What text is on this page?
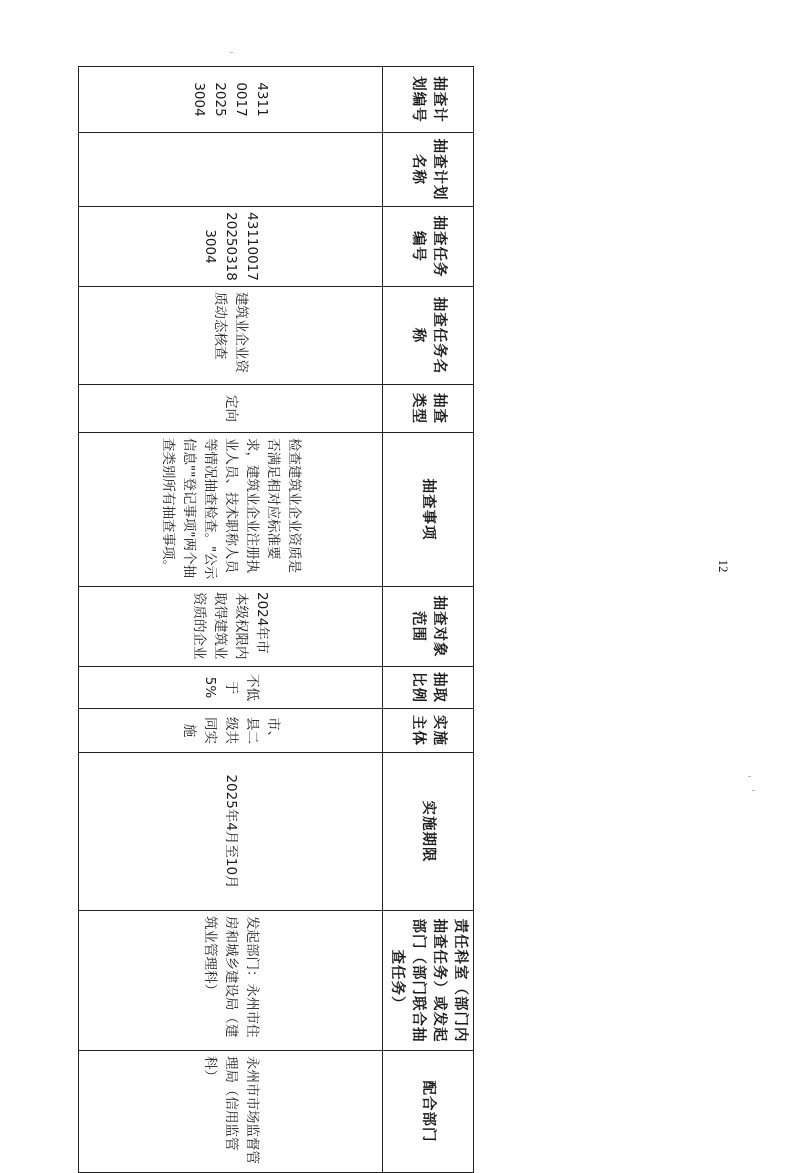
抽查计划编号	抽查计划名称	抽查任务编号	抽查任务名称	抽查类型	抽查事项	抽查对象范围	抽取比例	实施主体	实施期限	责任科室（部门内抽查任务）或发起部门（部门联合抽查任务）	配合部门
4311 0017 2025 3004		43110017 20250318 3004	建筑业企业资质动态核查	定向	检查建筑业企业资质是否满足相对应标准要求，建筑业企业注册执业人员、技术职称人员等情况抽查检查。"公示信息""登记事项"两个抽查类别所有抽查事项。	2024年市本级权限内取得建筑业资质的企业	不低于5%	市、县二级共同实施	2025年4月至10月	发起部门：永州市住房和城乡建设局（建筑业管理科）	永州市市场监督管理局（信用监管科）
12
